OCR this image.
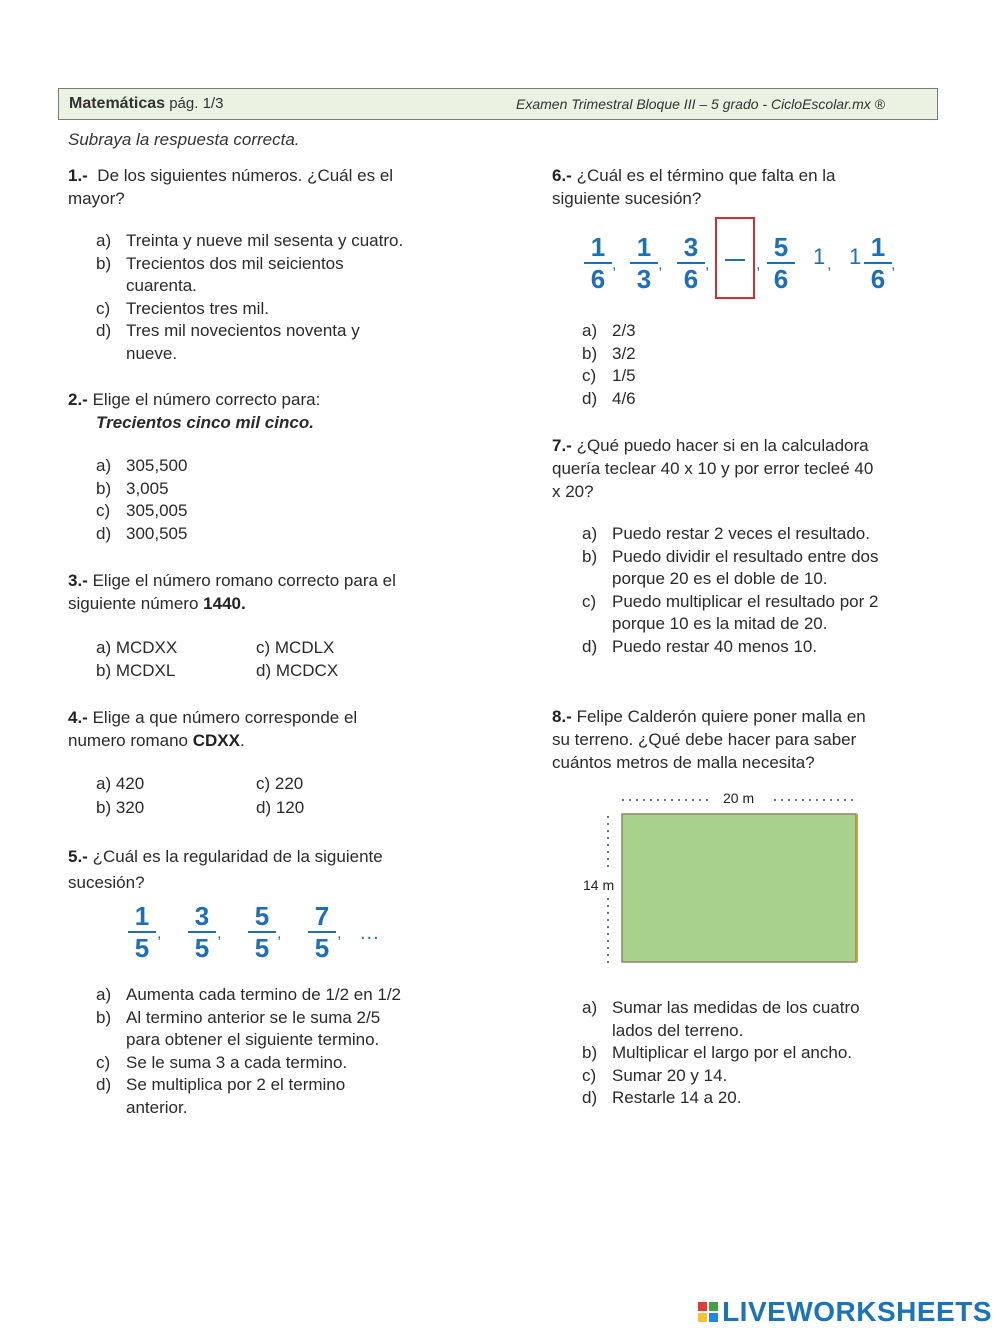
Matemáticas pág. 1/3	Examen Trimestral Bloque III – 5 grado - CicloEscolar.mx ®
Subraya la respuesta correcta.
1.- De los siguientes números. ¿Cuál es el
mayor?
a) Treinta y nueve mil sesenta y cuatro.
b) Trecientos dos mil seicientos
cuarenta.
c) Trecientos tres mil.
d) Tres mil novecientos noventa y
nueve.
2.- Elige el número correcto para:
Trecientos cinco mil cinco.
a) 305,500
b) 3,005
c) 305,005
d) 300,505
3.- Elige el número romano correcto para el
siguiente número 1440.
a) MCDXX	c) MCDLX
b) MCDXL	d) MCDCX
4.- Elige a que número corresponde el
numero romano CDXX.
a) 420	c) 220
b) 320	d) 120
5.- ¿Cuál es la regularidad de la siguiente
sucesión?
1
5 ,
3
5 ,
5
5 ,
7
5 , ...
a) Aumenta cada termino de 1/2 en 1/2
b) Al termino anterior se le suma 2/5
para obtener el siguiente termino.
c) Se le suma 3 a cada termino.
d) Se multiplica por 2 el termino
anterior.
6.- ¿Cuál es el término que falta en la
siguiente sucesión?
1
6 ,
1
3 ,
3
6 ,	,
5
6
1 , 1 1
6 ,
a) 2/3
b) 3/2
c) 1/5
d) 4/6
7.- ¿Qué puedo hacer si en la calculadora
quería teclear 40 x 10 y por error tecleé 40
x 20?
a) Puedo restar 2 veces el resultado.
b) Puedo dividir el resultado entre dos
porque 20 es el doble de 10.
c) Puedo multiplicar el resultado por 2
porque 10 es la mitad de 20.
d) Puedo restar 40 menos 10.
8.- Felipe Calderón quiere poner malla en
su terreno. ¿Qué debe hacer para saber
cuántos metros de malla necesita?
20 m
14 m
a) Sumar las medidas de los cuatro
lados del terreno.
b) Multiplicar el largo por el ancho.
c) Sumar 20 y 14.
d) Restarle 14 a 20.
LIVEWORKSHEETS
